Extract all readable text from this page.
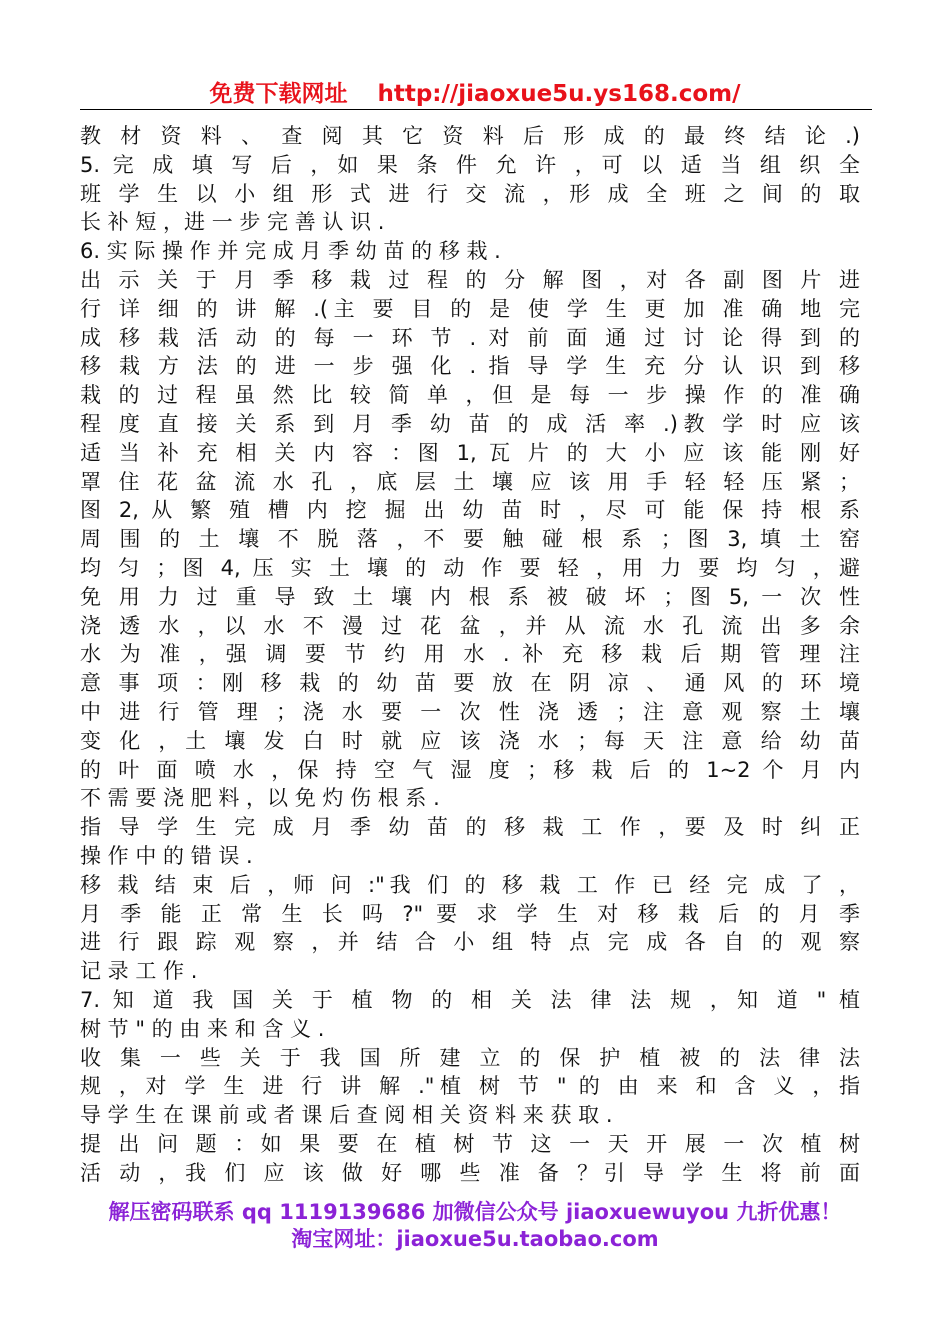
免费下载网址 http://jiaoxue5u.ys168.com/
教 材 资 料 、 查 阅 其 它 资 料 后 形 成 的 最 终 结 论 .)
5. 完 成 填 写 后 ，如 果 条 件 允 许 ，可 以 适 当 组 织 全
班 学 生 以 小 组 形 式 进 行 交 流 ，形 成 全 班 之 间 的 取
长 补 短 ，进 一 步 完 善 认 识 .
6. 实 际 操 作 并 完 成 月 季 幼 苗 的 移 栽 .
出 示 关 于 月 季 移 栽 过 程 的 分 解 图 ，对 各 副 图 片 进
行 详 细 的 讲 解 .(主 要 目 的 是 使 学 生 更 加 准 确 地 完
成 移 栽 活 动 的 每 一 环 节 . 对 前 面 通 过 讨 论 得 到 的
移 栽 方 法 的 进 一 步 强 化 . 指 导 学 生 充 分 认 识 到 移
栽 的 过 程 虽 然 比 较 简 单 ，但 是 每 一 步 操 作 的 准 确
程 度 直 接 关 系 到 月 季 幼 苗 的 成 活 率 .)教 学 时 应 该
适 当 补 充 相 关 内 容 ：图 1, 瓦 片 的 大 小 应 该 能 刚 好
罩 住 花 盆 流 水 孔 ，底 层 土 壤 应 该 用 手 轻 轻 压 紧 ；
图 2, 从 繁 殖 槽 内 挖 掘 出 幼 苗 时 ，尽 可 能 保 持 根 系
周 围 的 土 壤 不 脱 落 ，不 要 触 碰 根 系 ；图 3, 填 土 窑
均 匀 ；图 4, 压 实 土 壤 的 动 作 要 轻 ，用 力 要 均 匀 ，避
免 用 力 过 重 导 致 土 壤 内 根 系 被 破 坏 ；图 5, 一 次 性
浇 透 水 ，以 水 不 漫 过 花 盆 ，并 从 流 水 孔 流 出 多 余
水 为 准 ，强 调 要 节 约 用 水 . 补 充 移 栽 后 期 管 理 注
意 事 项 ：刚 移 栽 的 幼 苗 要 放 在 阴 凉 、 通 风 的 环 境
中 进 行 管 理 ；浇 水 要 一 次 性 浇 透 ；注 意 观 察 土 壤
变 化 ，土 壤 发 白 时 就 应 该 浇 水 ；每 天 注 意 给 幼 苗
的 叶 面 喷 水 ，保 持 空 气 湿 度 ；移 栽 后 的 1~2 个 月 内
不 需 要 浇 肥 料 ，以 免 灼 伤 根 系 .
指 导 学 生 完 成 月 季 幼 苗 的 移 栽 工 作 ，要 及 时 纠 正
操 作 中 的 错 误 .
移 栽 结 束 后 ，师 问 :"我 们 的 移 栽 工 作 已 经 完 成 了 ，
月 季 能 正 常 生 长 吗 ?" 要 求 学 生 对 移 栽 后 的 月 季
进 行 跟 踪 观 察 ，并 结 合 小 组 特 点 完 成 各 自 的 观 察
记 录 工 作 .
7. 知 道 我 国 关 于 植 物 的 相 关 法 律 法 规 ，知 道 " 植
树 节 " 的 由 来 和 含 义 .
收 集 一 些 关 于 我 国 所 建 立 的 保 护 植 被 的 法 律 法
规 ，对 学 生 进 行 讲 解 ."植 树 节 " 的 由 来 和 含 义 ，指
导 学 生 在 课 前 或 者 课 后 查 阅 相 关 资 料 来 获 取 .
提 出 问 题 ：如 果 要 在 植 树 节 这 一 天 开 展 一 次 植 树
活 动 ，我 们 应 该 做 好 哪 些 准 备 ？引 导 学 生 将 前 面
解压密码联系 qq 1119139686 加微信公众号 jiaoxuewuyou 九折优惠！
淘宝网址：jiaoxue5u.taobao.com
